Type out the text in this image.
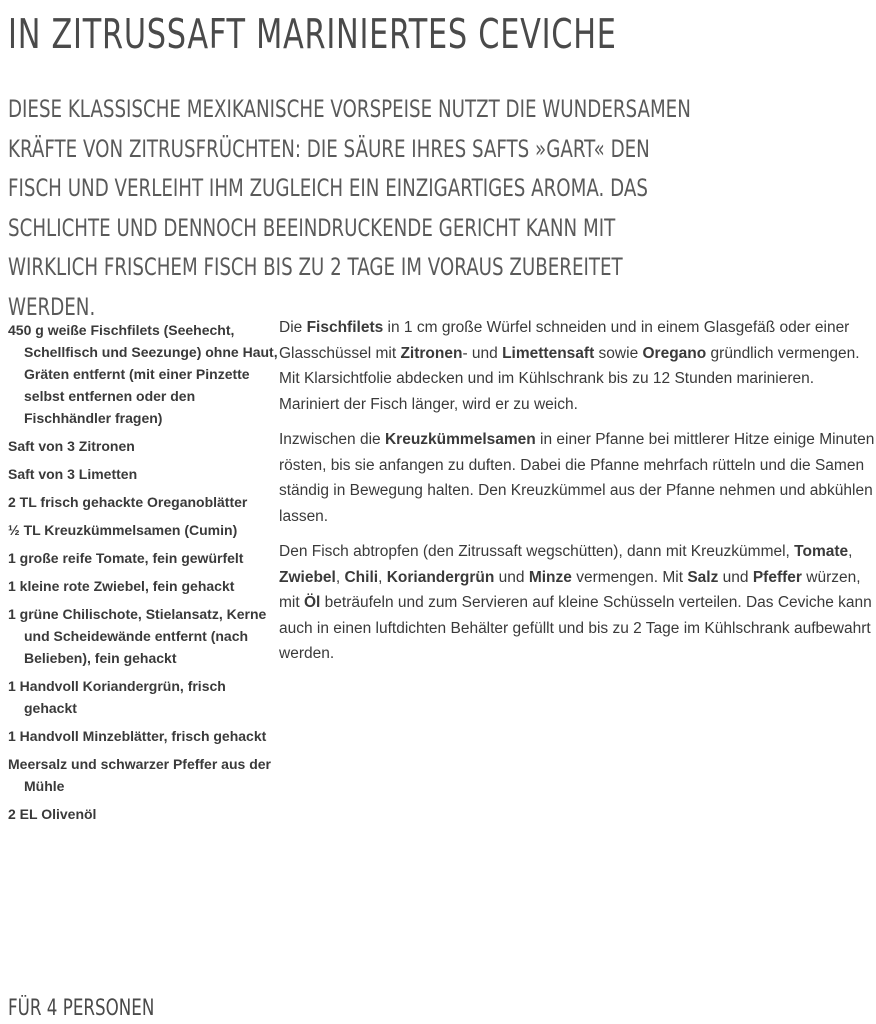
IN ZITRUSSAFT MARINIERTES CEVICHE

DIESE KLASSISCHE MEXIKANISCHE VORSPEISE NUTZT DIE WUNDERSAMEN KRÄFTE VON ZITRUSFRÜCHTEN: DIE SÄURE IHRES SAFTS »GART« DEN FISCH UND VERLEIHT IHM ZUGLEICH EIN EINZIGARTIGES AROMA. DAS SCHLICHTE UND DENNOCH BEEINDRUCKENDE GERICHT KANN MIT WIRKLICH FRISCHEM FISCH BIS ZU 2 TAGE IM VORAUS ZUBEREITET WERDEN.

450 g weiße Fischfilets (Seehecht, Schellfisch und Seezunge) ohne Haut, Gräten entfernt (mit einer Pinzette selbst entfernen oder den Fischhändler fragen)
Saft von 3 Zitronen
Saft von 3 Limetten
2 TL frisch gehackte Oreganoblätter
½ TL Kreuzkümmelsamen (Cumin)
1 große reife Tomate, fein gewürfelt
1 kleine rote Zwiebel, fein gehackt
1 grüne Chilischote, Stielansatz, Kerne und Scheidewände entfernt (nach Belieben), fein gehackt
1 Handvoll Koriandergrün, frisch gehackt
1 Handvoll Minzeblätter, frisch gehackt
Meersalz und schwarzer Pfeffer aus der Mühle
2 EL Olivenöl
FÜR 4 PERSONEN

Die Fischfilets in 1 cm große Würfel schneiden und in einem Glasgefäß oder einer Glasschüssel mit Zitronen- und Limettensaft sowie Oregano gründlich vermengen. Mit Klarsichtfolie abdecken und im Kühlschrank bis zu 12 Stunden marinieren. Mariniert der Fisch länger, wird er zu weich.

Inzwischen die Kreuzkümmelsamen in einer Pfanne bei mittlerer Hitze einige Minuten rösten, bis sie anfangen zu duften. Dabei die Pfanne mehrfach rütteln und die Samen ständig in Bewegung halten. Den Kreuzkümmel aus der Pfanne nehmen und abkühlen lassen.

Den Fisch abtropfen (den Zitrussaft wegschütten), dann mit Kreuzkümmel, Tomate, Zwiebel, Chili, Koriandergrün und Minze vermengen. Mit Salz und Pfeffer würzen, mit Öl beträufeln und zum Servieren auf kleine Schüsseln verteilen. Das Ceviche kann auch in einen luftdichten Behälter gefüllt und bis zu 2 Tage im Kühlschrank aufbewahrt werden.
